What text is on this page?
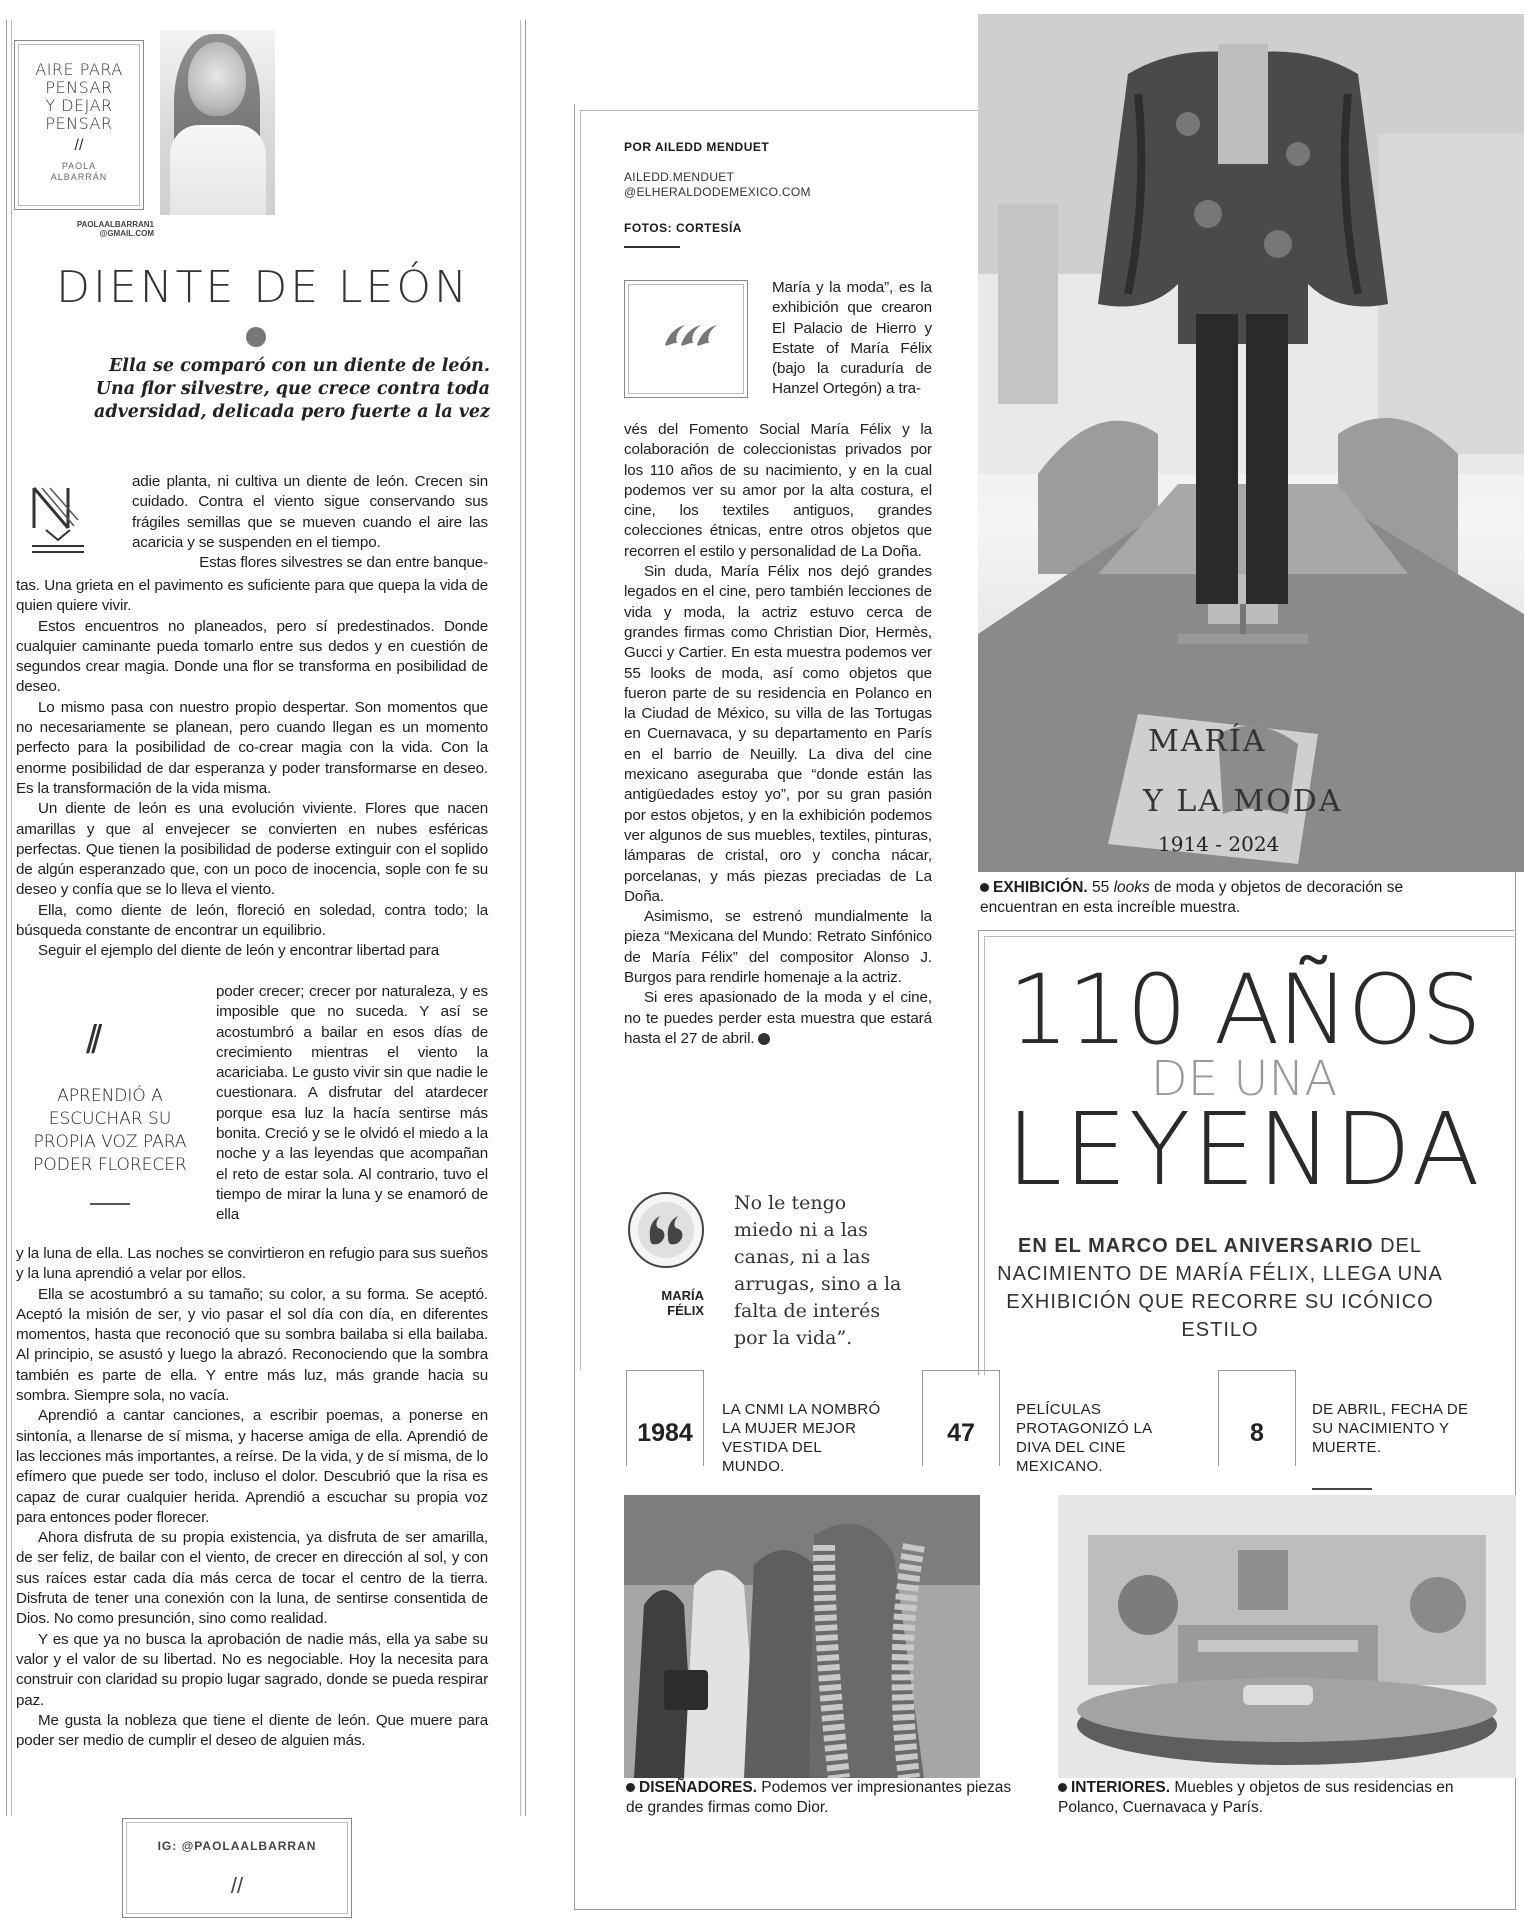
AIRE PARA
PENSAR
Y DEJAR
PENSAR
//
PAOLA
ALBARRÁN
PAOLAALBARRAN1
@GMAIL.COM
DIENTE DE LEÓN
Ella se comparó con un diente de león.
Una flor silvestre, que crece contra toda
adversidad, delicada pero fuerte a la vez

adie planta, ni cultiva un diente de león. Crecen sin cuidado. Contra el viento sigue conservando sus frágiles semillas que se mueven cuando el aire las acaricia y se suspenden en el tiempo.

Estas flores silvestres se dan entre banque-

tas. Una grieta en el pavimento es suficiente para que quepa la vida de quien quiere vivir.

Estos encuentros no planeados, pero sí predestinados. Donde cualquier caminante pueda tomarlo entre sus dedos y en cuestión de segundos crear magia. Donde una flor se transforma en posibilidad de deseo.

Lo mismo pasa con nuestro propio despertar. Son momentos que no necesariamente se planean, pero cuando llegan es un momento perfecto para la posibilidad de co-crear magia con la vida. Con la enorme posibilidad de dar esperanza y poder transformarse en deseo. Es la transformación de la vida misma.

Un diente de león es una evolución viviente. Flores que nacen amarillas y que al envejecer se convierten en nubes esféricas perfectas. Que tienen la posibilidad de poderse extinguir con el soplido de algún esperanzado que, con un poco de inocencia, sople con fe su deseo y confía que se lo lleva el viento.

Ella, como diente de león, floreció en soledad, contra todo; la búsqueda constante de encontrar un equilibrio.

Seguir el ejemplo del diente de león y encontrar libertad para

//
APRENDIÓ A ESCUCHAR SU PROPIA VOZ PARA PODER FLORECER

poder crecer; crecer por naturaleza, y es imposible que no suceda. Y así se acostumbró a bailar en esos días de crecimiento mientras el viento la acariciaba. Le gusto vivir sin que nadie le cuestionara. A disfrutar del atardecer porque esa luz la hacía sentirse más bonita. Creció y se le olvidó el miedo a la noche y a las leyendas que acompañan el reto de estar sola. Al contrario, tuvo el tiempo de mirar la luna y se enamoró de ella

y la luna de ella. Las noches se convirtieron en refugio para sus sueños y la luna aprendió a velar por ellos.

Ella se acostumbró a su tamaño; su color, a su forma. Se aceptó. Aceptó la misión de ser, y vio pasar el sol día con día, en diferentes momentos, hasta que reconoció que su sombra bailaba si ella bailaba. Al principio, se asustó y luego la abrazó. Reconociendo que la sombra también es parte de ella. Y entre más luz, más grande hacia su sombra. Siempre sola, no vacía.

Aprendió a cantar canciones, a escribir poemas, a ponerse en sintonía, a llenarse de sí misma, y hacerse amiga de ella. Aprendió de las lecciones más importantes, a reírse. De la vida, y de sí misma, de lo efímero que puede ser todo, incluso el dolor. Descubrió que la risa es capaz de curar cualquier herida. Aprendió a escuchar su propia voz para entonces poder florecer.

Ahora disfruta de su propia existencia, ya disfruta de ser amarilla, de ser feliz, de bailar con el viento, de crecer en dirección al sol, y con sus raíces estar cada día más cerca de tocar el centro de la tierra. Disfruta de tener una conexión con la luna, de sentirse consentida de Dios. No como presunción, sino como realidad.

Y es que ya no busca la aprobación de nadie más, ella ya sabe su valor y el valor de su libertad. No es negociable. Hoy la necesita para construir con claridad su propio lugar sagrado, donde se pueda respirar paz.

Me gusta la nobleza que tiene el diente de león. Que muere para poder ser medio de cumplir el deseo de alguien más.

IG: @PAOLAALBARRAN
//
POR AILEDD MENDUET
AILEDD.MENDUET
@ELHERALDODEMEXICO.COM
FOTOS: CORTESÍA

María y la moda”, es la exhibición que crearon El Palacio de Hierro y Estate of María Félix (bajo la curaduría de Hanzel Ortegón) a tra-

vés del Fomento Social María Félix y la colaboración de coleccionistas privados por los 110 años de su nacimiento, y en la cual podemos ver su amor por la alta costura, el cine, los textiles antiguos, grandes colecciones étnicas, entre otros objetos que recorren el estilo y personalidad de La Doña.

Sin duda, María Félix nos dejó grandes legados en el cine, pero también lecciones de vida y moda, la actriz estuvo cerca de grandes firmas como Christian Dior, Hermès, Gucci y Cartier. En esta muestra podemos ver 55 looks de moda, así como objetos que fueron parte de su residencia en Polanco en la Ciudad de México, su villa de las Tortugas en Cuernavaca, y su departamento en París en el barrio de Neuilly. La diva del cine mexicano aseguraba que “donde están las antigüedades estoy yo”, por su gran pasión por estos objetos, y en la exhibición podemos ver algunos de sus muebles, textiles, pinturas, lámparas de cristal, oro y concha nácar, porcelanas, y más piezas preciadas de La Doña.

Asimismo, se estrenó mundialmente la pieza “Mexicana del Mundo: Retrato Sinfónico de María Félix” del compositor Alonso J. Burgos para rendirle homenaje a la actriz.

Si eres apasionado de la moda y el cine, no te puedes perder esta muestra que estará hasta el 27 de abril.

MARÍA
Y LA MODA
1914 - 2024
EXHIBICIÓN. 55 looks de moda y objetos de decoración se encuentran en esta increíble muestra.
110 AÑOS
DE UNA
LEYENDA
EN EL MARCO DEL ANIVERSARIO DEL NACIMIENTO DE MARÍA FÉLIX, LLEGA UNA EXHIBICIÓN QUE RECORRE SU ICÓNICO ESTILO
MARÍA
FÉLIX
No le tengo miedo ni a las canas, ni a las arrugas, sino a la falta de interés por la vida”.
1984
LA CNMI LA NOMBRÓ LA MUJER MEJOR VESTIDA DEL MUNDO.
47
PELÍCULAS PROTAGONIZÓ LA DIVA DEL CINE MEXICANO.
8
DE ABRIL, FECHA DE SU NACIMIENTO Y MUERTE.
DISEÑADORES. Podemos ver impresionantes piezas de grandes firmas como Dior.
INTERIORES. Muebles y objetos de sus residencias en Polanco, Cuernavaca y París.
